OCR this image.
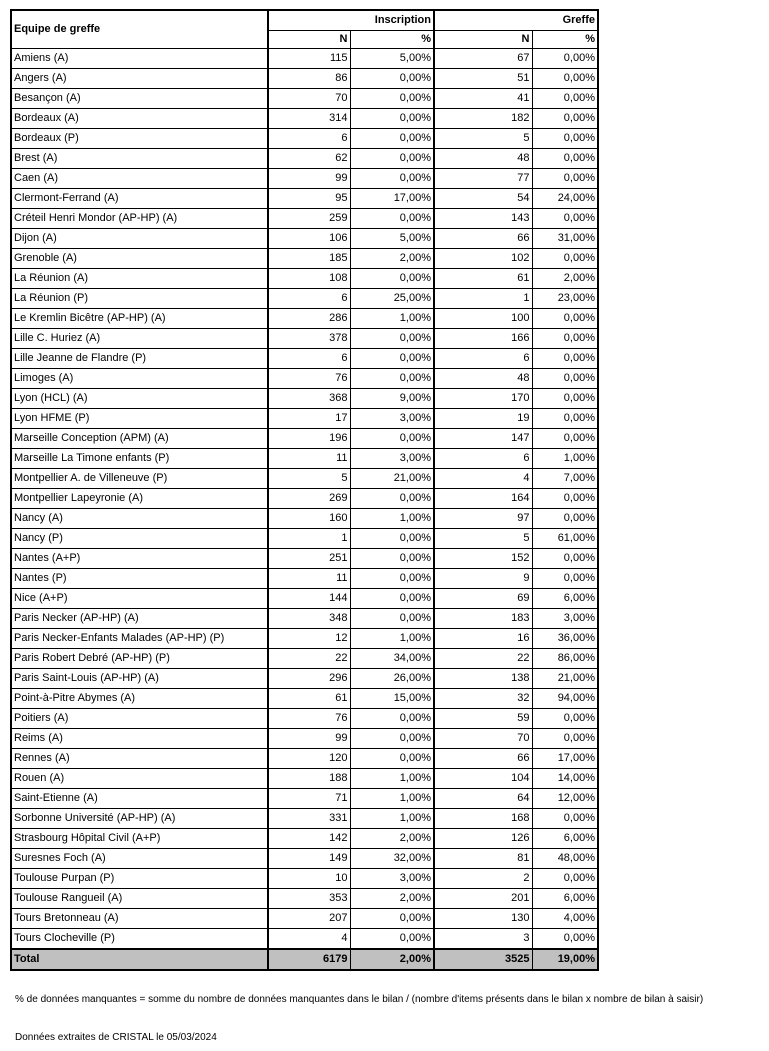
Equipe de greffe	Inscription		Greffe	
	N	%	N	%
Amiens (A)	115	5,00%	67	0,00%
Angers (A)	86	0,00%	51	0,00%
Besançon (A)	70	0,00%	41	0,00%
Bordeaux (A)	314	0,00%	182	0,00%
Bordeaux (P)	6	0,00%	5	0,00%
Brest (A)	62	0,00%	48	0,00%
Caen (A)	99	0,00%	77	0,00%
Clermont-Ferrand (A)	95	17,00%	54	24,00%
Créteil Henri Mondor (AP-HP) (A)	259	0,00%	143	0,00%
Dijon (A)	106	5,00%	66	31,00%
Grenoble (A)	185	2,00%	102	0,00%
La Réunion (A)	108	0,00%	61	2,00%
La Réunion (P)	6	25,00%	1	23,00%
Le Kremlin Bicêtre (AP-HP) (A)	286	1,00%	100	0,00%
Lille C. Huriez (A)	378	0,00%	166	0,00%
Lille Jeanne de Flandre (P)	6	0,00%	6	0,00%
Limoges (A)	76	0,00%	48	0,00%
Lyon (HCL) (A)	368	9,00%	170	0,00%
Lyon HFME (P)	17	3,00%	19	0,00%
Marseille Conception (APM) (A)	196	0,00%	147	0,00%
Marseille La Timone enfants (P)	11	3,00%	6	1,00%
Montpellier A. de Villeneuve (P)	5	21,00%	4	7,00%
Montpellier Lapeyronie (A)	269	0,00%	164	0,00%
Nancy (A)	160	1,00%	97	0,00%
Nancy (P)	1	0,00%	5	61,00%
Nantes (A+P)	251	0,00%	152	0,00%
Nantes (P)	11	0,00%	9	0,00%
Nice (A+P)	144	0,00%	69	6,00%
Paris Necker (AP-HP) (A)	348	0,00%	183	3,00%
Paris Necker-Enfants Malades (AP-HP) (P)	12	1,00%	16	36,00%
Paris Robert Debré (AP-HP) (P)	22	34,00%	22	86,00%
Paris Saint-Louis (AP-HP) (A)	296	26,00%	138	21,00%
Point-à-Pitre Abymes (A)	61	15,00%	32	94,00%
Poitiers (A)	76	0,00%	59	0,00%
Reims (A)	99	0,00%	70	0,00%
Rennes (A)	120	0,00%	66	17,00%
Rouen (A)	188	1,00%	104	14,00%
Saint-Etienne (A)	71	1,00%	64	12,00%
Sorbonne Université (AP-HP) (A)	331	1,00%	168	0,00%
Strasbourg Hôpital Civil (A+P)	142	2,00%	126	6,00%
Suresnes Foch (A)	149	32,00%	81	48,00%
Toulouse Purpan (P)	10	3,00%	2	0,00%
Toulouse Rangueil (A)	353	2,00%	201	6,00%
Tours Bretonneau (A)	207	0,00%	130	4,00%
Tours Clocheville (P)	4	0,00%	3	0,00%
Total	6179	2,00%	3525	19,00%
% de données manquantes = somme du nombre de données manquantes dans le bilan / (nombre d'items présents dans le bilan x nombre de bilan à saisir)
Données extraites de CRISTAL le 05/03/2024
